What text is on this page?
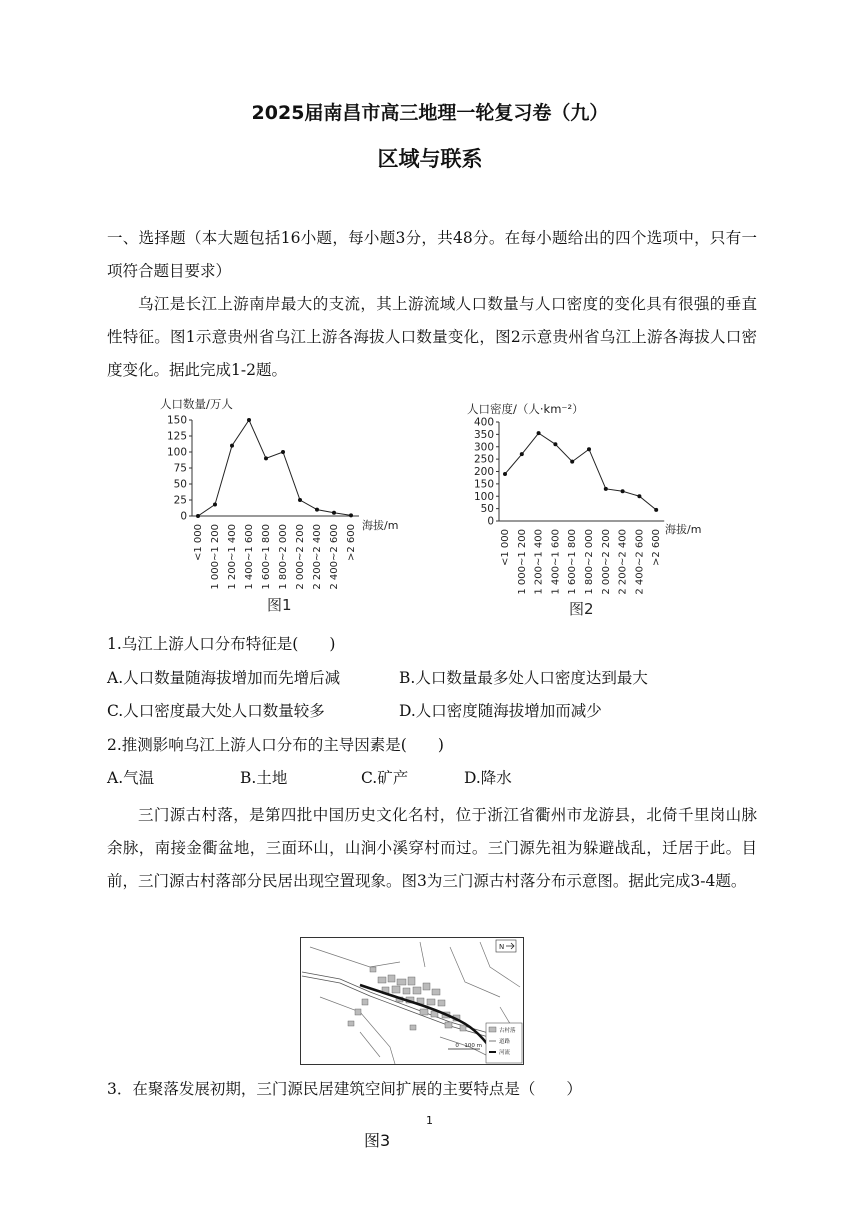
2025届南昌市高三地理一轮复习卷（九）
区域与联系
一、选择题（本大题包括16小题，每小题3分，共48分。在每小题给出的四个选项中，只有一项符合题目要求）
乌江是长江上游南岸最大的支流，其上游流域人口数量与人口密度的变化具有很强的垂直性特征。图1示意贵州省乌江上游各海拔人口数量变化，图2示意贵州省乌江上游各海拔人口密度变化。据此完成1-2题。
人口数量/万人
海拔/m
图1
0
25
50
75
100
125
150
<1 000 1 000~1 200 1 200~1 400 1 400~1 600 1 600~1 800 1 800~2 000 2 000~2 200 2 200~2 400 2 400~2 600 >2 600
人口密度/（人·km⁻²）
海拔/m
图2
0
50
100
150
200
250
300
350
400
<1 000 1 000~1 200 1 200~1 400 1 400~1 600 1 600~1 800 1 800~2 000 2 000~2 200 2 200~2 400 2 400~2 600 >2 600
1.乌江上游人口分布特征是(　　)
A.人口数量随海拔增加而先增后减	B.人口数量最多处人口密度达到最大
C.人口密度最大处人口数量较多	D.人口密度随海拔增加而减少
2.推测影响乌江上游人口分布的主导因素是(　　)
A.气温	B.土地	C.矿产	D.降水
三门源古村落，是第四批中国历史文化名村，位于浙江省衢州市龙游县，北倚千里岗山脉余脉，南接金衢盆地，三面环山，山涧小溪穿村而过。三门源先祖为躲避战乱，迁居于此。目前，三门源古村落部分民居出现空置现象。图3为三门源古村落分布示意图。据此完成3-4题。
N
古村落
道路
河流
0　100 m
3．在聚落发展初期，三门源民居建筑空间扩展的主要特点是（　　）
1
图3
